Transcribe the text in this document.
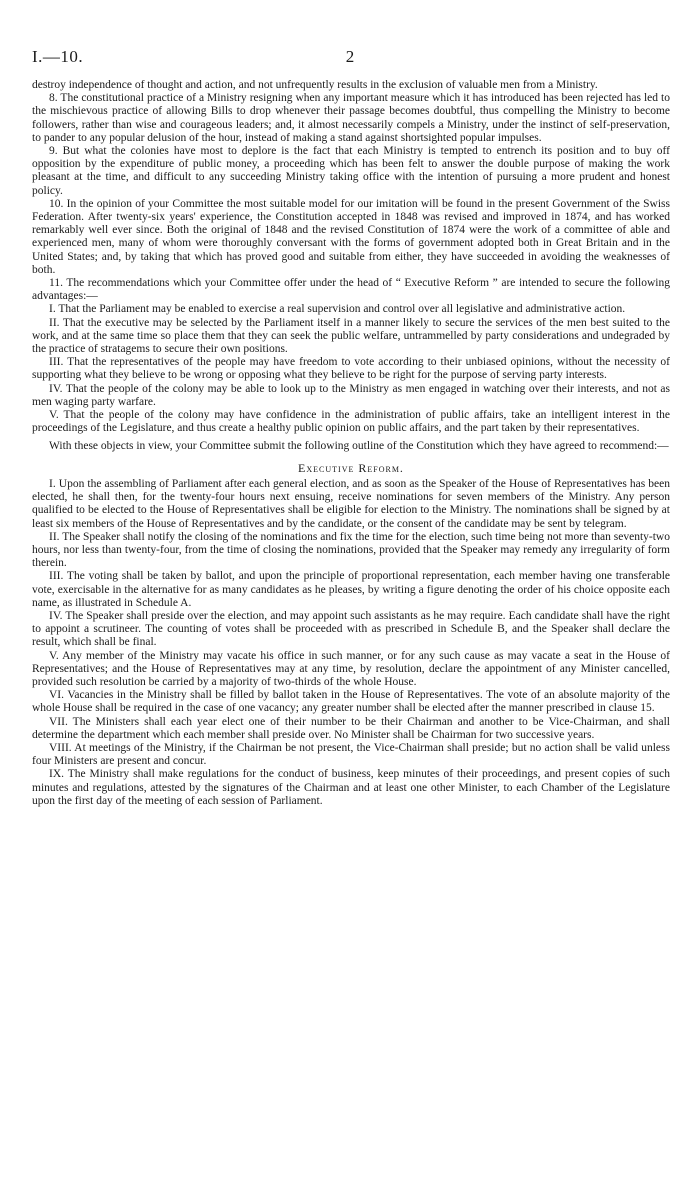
I.—10.	2

destroy independence of thought and action, and not unfrequently results in the exclusion of valuable men from a Ministry.

8. The constitutional practice of a Ministry resigning when any important measure which it has introduced has been rejected has led to the mischievous practice of allowing Bills to drop whenever their passage becomes doubtful, thus compelling the Ministry to become followers, rather than wise and courageous leaders; and, it almost necessarily compels a Ministry, under the instinct of self-preservation, to pander to any popular delusion of the hour, instead of making a stand against shortsighted popular impulses.

9. But what the colonies have most to deplore is the fact that each Ministry is tempted to entrench its position and to buy off opposition by the expenditure of public money, a proceeding which has been felt to answer the double purpose of making the work pleasant at the time, and difficult to any succeeding Ministry taking office with the intention of pursuing a more prudent and honest policy.

10. In the opinion of your Committee the most suitable model for our imitation will be found in the present Government of the Swiss Federation. After twenty-six years' experience, the Constitution accepted in 1848 was revised and improved in 1874, and has worked remarkably well ever since. Both the original of 1848 and the revised Constitution of 1874 were the work of a committee of able and experienced men, many of whom were thoroughly conversant with the forms of government adopted both in Great Britain and in the United States; and, by taking that which has proved good and suitable from either, they have succeeded in avoiding the weaknesses of both.

11. The recommendations which your Committee offer under the head of “ Executive Reform ” are intended to secure the following advantages:—

I. That the Parliament may be enabled to exercise a real supervision and control over all legislative and administrative action.

II. That the executive may be selected by the Parliament itself in a manner likely to secure the services of the men best suited to the work, and at the same time so place them that they can seek the public welfare, untrammelled by party considerations and undegraded by the practice of stratagems to secure their own positions.

III. That the representatives of the people may have freedom to vote according to their unbiased opinions, without the necessity of supporting what they believe to be wrong or opposing what they believe to be right for the purpose of serving party interests.

IV. That the people of the colony may be able to look up to the Ministry as men engaged in watching over their interests, and not as men waging party warfare.

V. That the people of the colony may have confidence in the administration of public affairs, take an intelligent interest in the proceedings of the Legislature, and thus create a healthy public opinion on public affairs, and the part taken by their representatives.

With these objects in view, your Committee submit the following outline of the Constitution which they have agreed to recommend:—

Executive Reform.

I. Upon the assembling of Parliament after each general election, and as soon as the Speaker of the House of Representatives has been elected, he shall then, for the twenty-four hours next ensuing, receive nominations for seven members of the Ministry. Any person qualified to be elected to the House of Representatives shall be eligible for election to the Ministry. The nominations shall be signed by at least six members of the House of Representatives and by the candidate, or the consent of the candidate may be sent by telegram.

II. The Speaker shall notify the closing of the nominations and fix the time for the election, such time being not more than seventy-two hours, nor less than twenty-four, from the time of closing the nominations, provided that the Speaker may remedy any irregularity of form therein.

III. The voting shall be taken by ballot, and upon the principle of proportional representation, each member having one transferable vote, exercisable in the alternative for as many candidates as he pleases, by writing a figure denoting the order of his choice opposite each name, as illustrated in Schedule A.

IV. The Speaker shall preside over the election, and may appoint such assistants as he may require. Each candidate shall have the right to appoint a scrutineer. The counting of votes shall be proceeded with as prescribed in Schedule B, and the Speaker shall declare the result, which shall be final.

V. Any member of the Ministry may vacate his office in such manner, or for any such cause as may vacate a seat in the House of Representatives; and the House of Representatives may at any time, by resolution, declare the appointment of any Minister cancelled, provided such resolution be carried by a majority of two-thirds of the whole House.

VI. Vacancies in the Ministry shall be filled by ballot taken in the House of Representatives. The vote of an absolute majority of the whole House shall be required in the case of one vacancy; any greater number shall be elected after the manner prescribed in clause 15.

VII. The Ministers shall each year elect one of their number to be their Chairman and another to be Vice-Chairman, and shall determine the department which each member shall preside over. No Minister shall be Chairman for two successive years.

VIII. At meetings of the Ministry, if the Chairman be not present, the Vice-Chairman shall preside; but no action shall be valid unless four Ministers are present and concur.

IX. The Ministry shall make regulations for the conduct of business, keep minutes of their proceedings, and present copies of such minutes and regulations, attested by the signatures of the Chairman and at least one other Minister, to each Chamber of the Legislature upon the first day of the meeting of each session of Parliament.
